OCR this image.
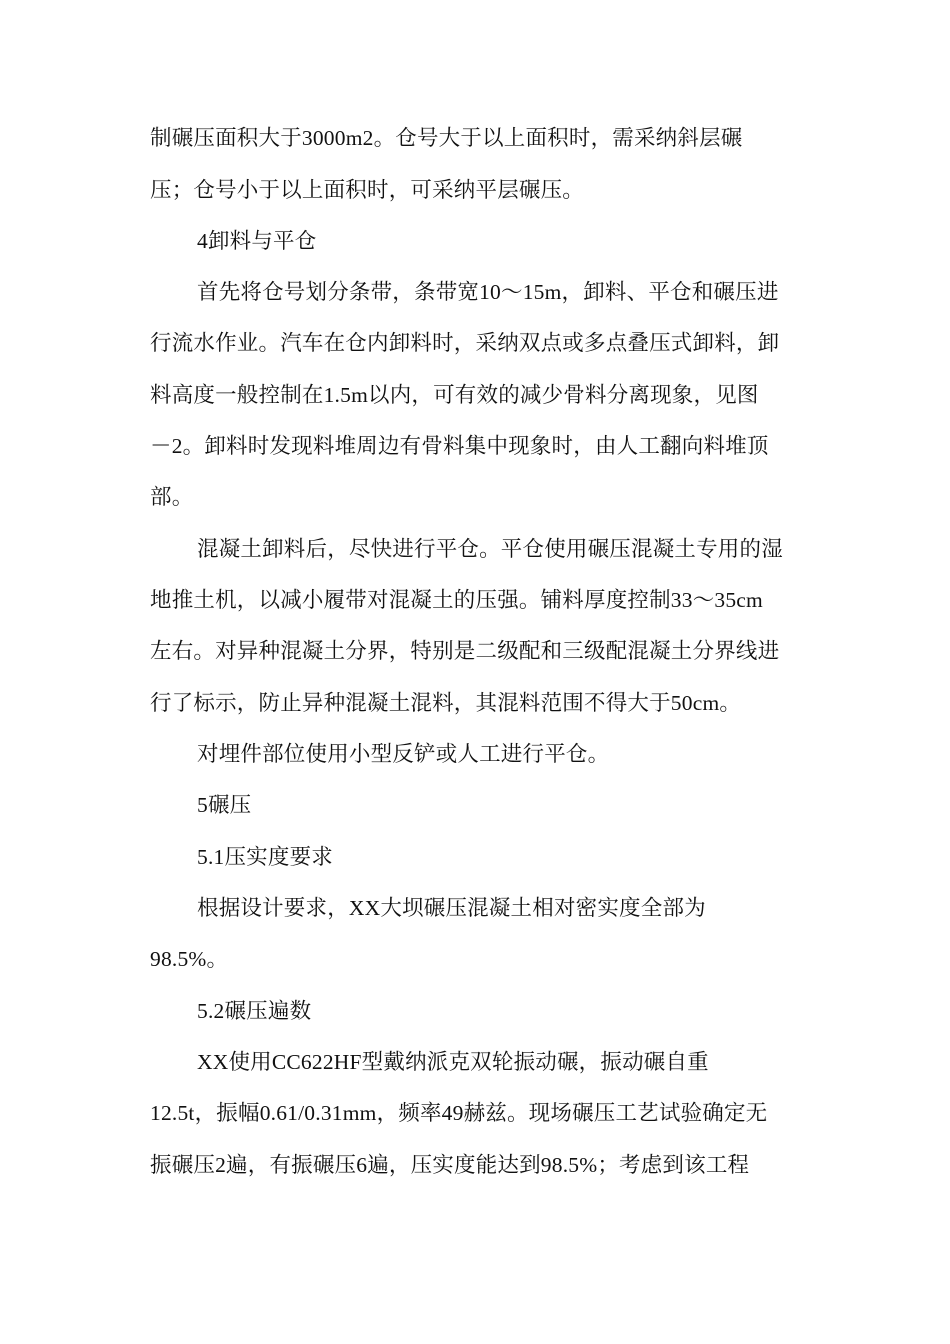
制碾压面积大于3000m2。仓号大于以上面积时，需采纳斜层碾
压；仓号小于以上面积时，可采纳平层碾压。
4卸料与平仓
首先将仓号划分条带，条带宽10～15m，卸料、平仓和碾压进
行流水作业。汽车在仓内卸料时，采纳双点或多点叠压式卸料，卸
料高度一般控制在1.5m以内，可有效的减少骨料分离现象，见图
－2。卸料时发现料堆周边有骨料集中现象时，由人工翻向料堆顶
部。
混凝土卸料后，尽快进行平仓。平仓使用碾压混凝土专用的湿
地推土机，以减小履带对混凝土的压强。铺料厚度控制33～35cm
左右。对异种混凝土分界，特别是二级配和三级配混凝土分界线进
行了标示，防止异种混凝土混料，其混料范围不得大于50cm。
对埋件部位使用小型反铲或人工进行平仓。
5碾压
5.1压实度要求
根据设计要求，XX大坝碾压混凝土相对密实度全部为
98.5%。
5.2碾压遍数
XX使用CC622HF型戴纳派克双轮振动碾，振动碾自重
12.5t，振幅0.61/0.31mm，频率49赫兹。现场碾压工艺试验确定无
振碾压2遍，有振碾压6遍，压实度能达到98.5%；考虑到该工程
